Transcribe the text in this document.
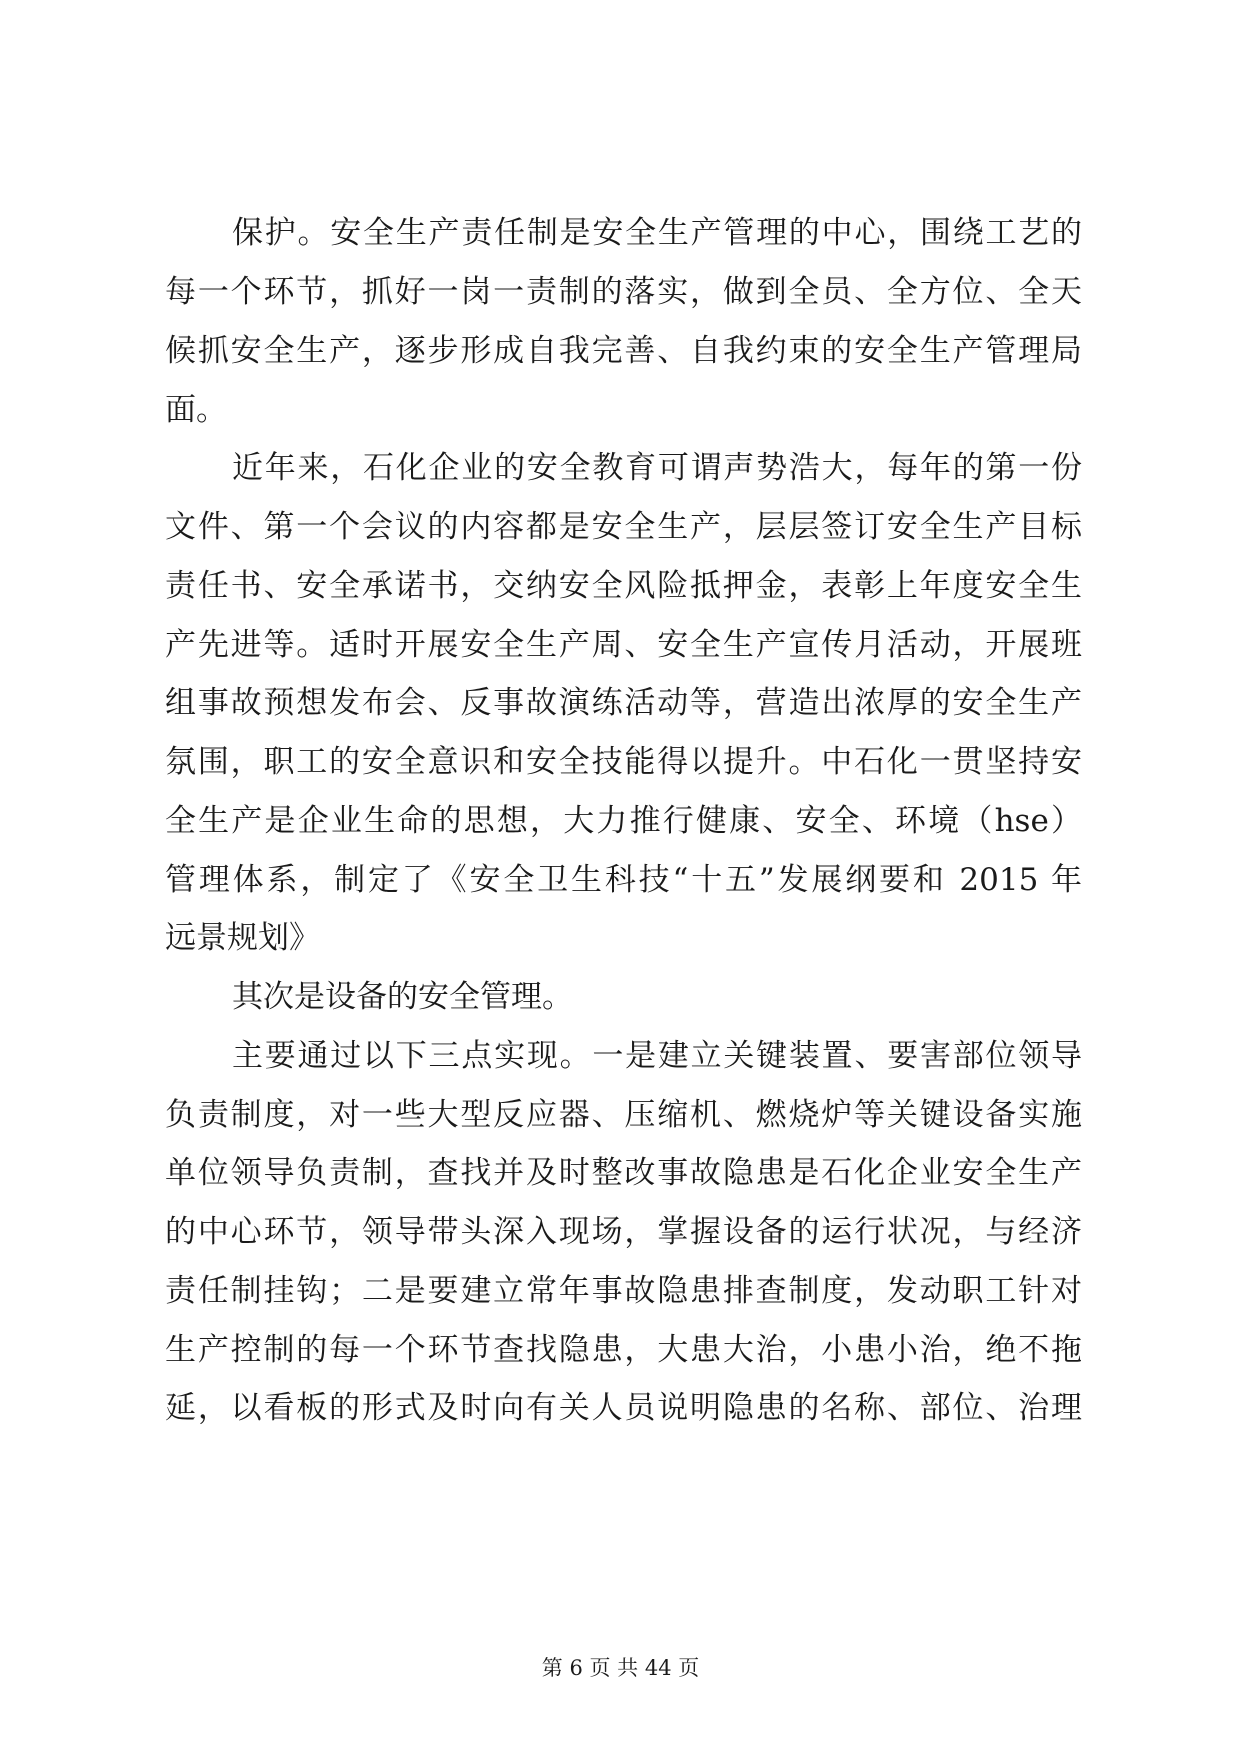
保护。安全生产责任制是安全生产管理的中心，围绕工艺的
每一个环节，抓好一岗一责制的落实，做到全员、全方位、全天
候抓安全生产，逐步形成自我完善、自我约束的安全生产管理局
面。
近年来，石化企业的安全教育可谓声势浩大，每年的第一份
文件、第一个会议的内容都是安全生产，层层签订安全生产目标
责任书、安全承诺书，交纳安全风险抵押金，表彰上年度安全生
产先进等。适时开展安全生产周、安全生产宣传月活动，开展班
组事故预想发布会、反事故演练活动等，营造出浓厚的安全生产
氛围，职工的安全意识和安全技能得以提升。中石化一贯坚持安
全生产是企业生命的思想，大力推行健康、安全、环境（hse）
管理体系，制定了《安全卫生科技“十五”发展纲要和 2015 年
远景规划》
其次是设备的安全管理。
主要通过以下三点实现。一是建立关键装置、要害部位领导
负责制度，对一些大型反应器、压缩机、燃烧炉等关键设备实施
单位领导负责制，查找并及时整改事故隐患是石化企业安全生产
的中心环节，领导带头深入现场，掌握设备的运行状况，与经济
责任制挂钩；二是要建立常年事故隐患排查制度，发动职工针对
生产控制的每一个环节查找隐患，大患大治，小患小治，绝不拖
延，以看板的形式及时向有关人员说明隐患的名称、部位、治理
第 6 页 共 44 页
